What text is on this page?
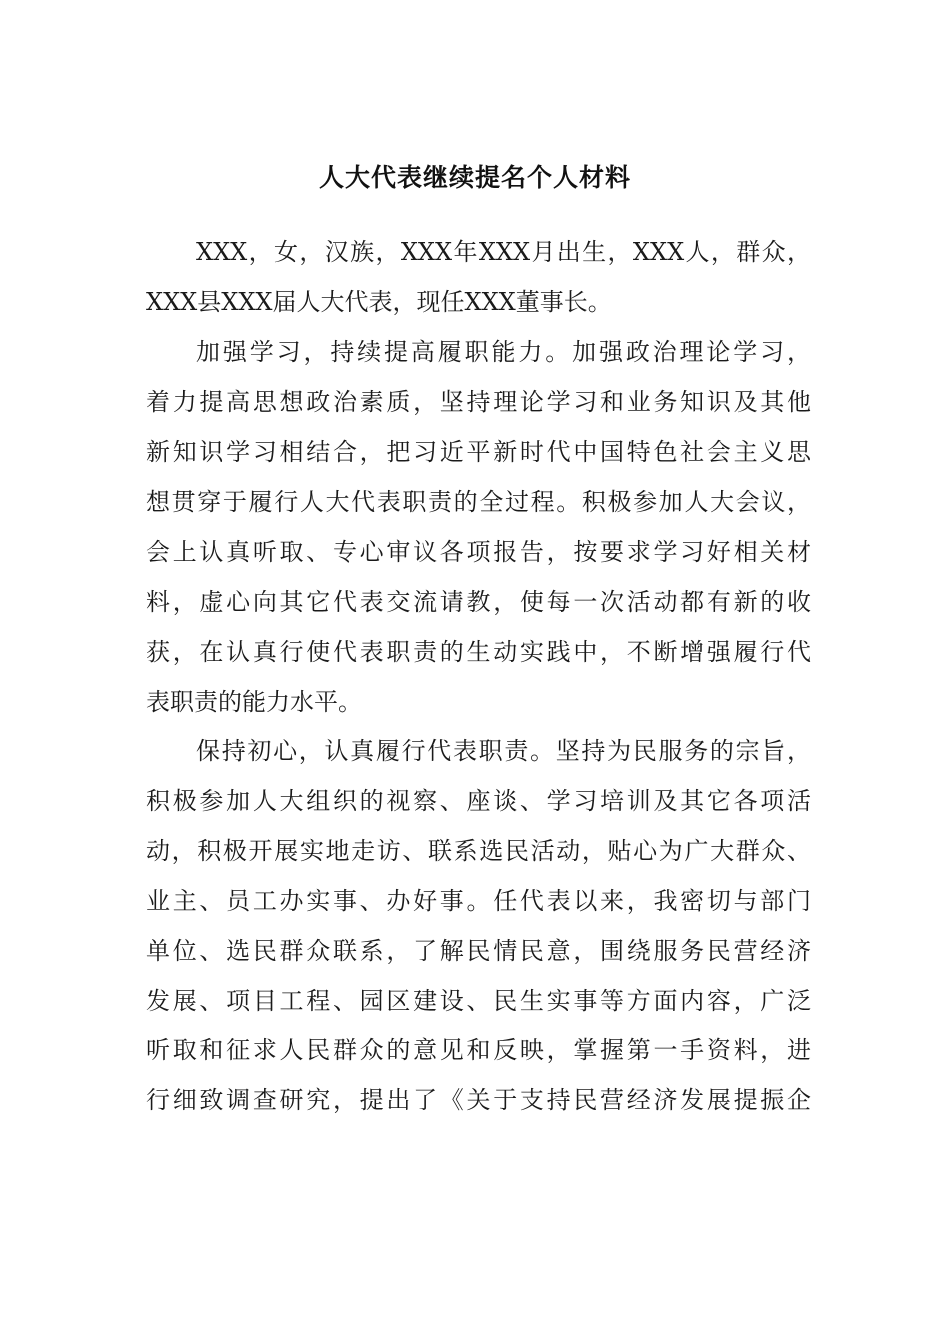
人大代表继续提名个人材料
XXX，女，汉族，XXX年XXX月出生，XXX人，群众，
XXX县XXX届人大代表，现任XXX董事长。
加强学习，持续提高履职能力。加强政治理论学习，
着力提高思想政治素质，坚持理论学习和业务知识及其他
新知识学习相结合，把习近平新时代中国特色社会主义思
想贯穿于履行人大代表职责的全过程。积极参加人大会议，
会上认真听取、专心审议各项报告，按要求学习好相关材
料，虚心向其它代表交流请教，使每一次活动都有新的收
获，在认真行使代表职责的生动实践中，不断增强履行代
表职责的能力水平。
保持初心，认真履行代表职责。坚持为民服务的宗旨，
积极参加人大组织的视察、座谈、学习培训及其它各项活
动，积极开展实地走访、联系选民活动，贴心为广大群众、
业主、员工办实事、办好事。任代表以来，我密切与部门
单位、选民群众联系，了解民情民意，围绕服务民营经济
发展、项目工程、园区建设、民生实事等方面内容，广泛
听取和征求人民群众的意见和反映，掌握第一手资料，进
行细致调查研究，提出了《关于支持民营经济发展提振企
